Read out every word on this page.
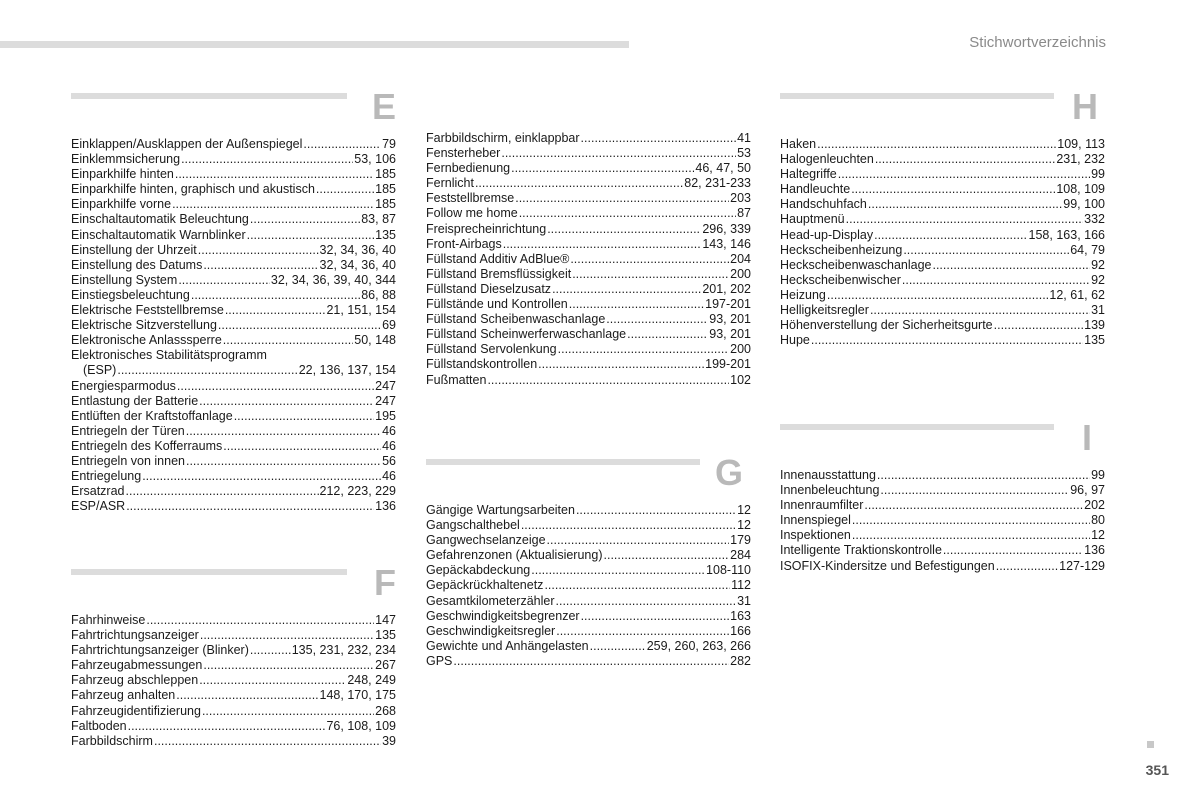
Stichwortverzeichnis
E
Einklappen/Ausklappen der Außenspiegel .....	79
Einklemmsicherung .....	53, 106
Einparkhilfe hinten .....	185
Einparkhilfe hinten, graphisch und akustisch .....	185
Einparkhilfe vorne .....	185
Einschaltautomatik Beleuchtung .....	83, 87
Einschaltautomatik Warnblinker .....	135
Einstellung der Uhrzeit .....	32, 34, 36, 40
Einstellung des Datums .....	32, 34, 36, 40
Einstellung System .....	32, 34, 36, 39, 40, 344
Einstiegsbeleuchtung .....	86, 88
Elektrische Feststellbremse .....	21, 151, 154
Elektrische Sitzverstellung .....	69
Elektronische Anlasssperre .....	50, 148
Elektronisches Stabilitätsprogramm
(ESP) .....	22, 136, 137, 154
Energiesparmodus .....	247
Entlastung der Batterie .....	247
Entlüften der Kraftstoffanlage .....	195
Entriegeln der Türen .....	46
Entriegeln des Kofferraums .....	46
Entriegeln von innen .....	56
Entriegelung .....	46
Ersatzrad .....	212, 223, 229
ESP/ASR .....	136
F
Fahrhinweise .....	147
Fahrtrichtungsanzeiger .....	135
Fahrtrichtungsanzeiger (Blinker) .....	135, 231, 232, 234
Fahrzeugabmessungen .....	267
Fahrzeug abschleppen .....	248, 249
Fahrzeug anhalten .....	148, 170, 175
Fahrzeugidentifizierung .....	268
Faltboden .....	76, 108, 109
Farbbildschirm .....	39
Farbbildschirm, einklappbar .....	41
Fensterheber .....	53
Fernbedienung .....	46, 47, 50
Fernlicht .....	82, 231-233
Feststellbremse .....	203
Follow me home .....	87
Freisprecheinrichtung .....	296, 339
Front-Airbags .....	143, 146
Füllstand Additiv AdBlue® .....	204
Füllstand Bremsflüssigkeit .....	200
Füllstand Dieselzusatz .....	201, 202
Füllstände und Kontrollen .....	197-201
Füllstand Scheibenwaschanlage .....	93, 201
Füllstand Scheinwerferwaschanlage .....	93, 201
Füllstand Servolenkung .....	200
Füllstandskontrollen .....	199-201
Fußmatten .....	102
G
Gängige Wartungsarbeiten .....	12
Gangschalthebel .....	12
Gangwechselanzeige .....	179
Gefahrenzonen (Aktualisierung) .....	284
Gepäckabdeckung .....	108-110
Gepäckrückhaltenetz .....	112
Gesamtkilometerzähler .....	31
Geschwindigkeitsbegrenzer .....	163
Geschwindigkeitsregler .....	166
Gewichte und Anhängelasten .....	259, 260, 263, 266
GPS .....	282
H
Haken .....	109, 113
Halogenleuchten .....	231, 232
Haltegriffe .....	99
Handleuchte .....	108, 109
Handschuhfach .....	99, 100
Hauptmenü .....	332
Head-up-Display .....	158, 163, 166
Heckscheibenheizung .....	64, 79
Heckscheibenwaschanlage .....	92
Heckscheibenwischer .....	92
Heizung .....	12, 61, 62
Helligkeitsregler .....	31
Höhenverstellung der Sicherheitsgurte .....	139
Hupe .....	135
I
Innenausstattung .....	99
Innenbeleuchtung .....	96, 97
Innenraumfilter .....	202
Innenspiegel .....	80
Inspektionen .....	12
Intelligente Traktionskontrolle .....	136
ISOFIX-Kindersitze und Befestigungen .....	127-129
351
